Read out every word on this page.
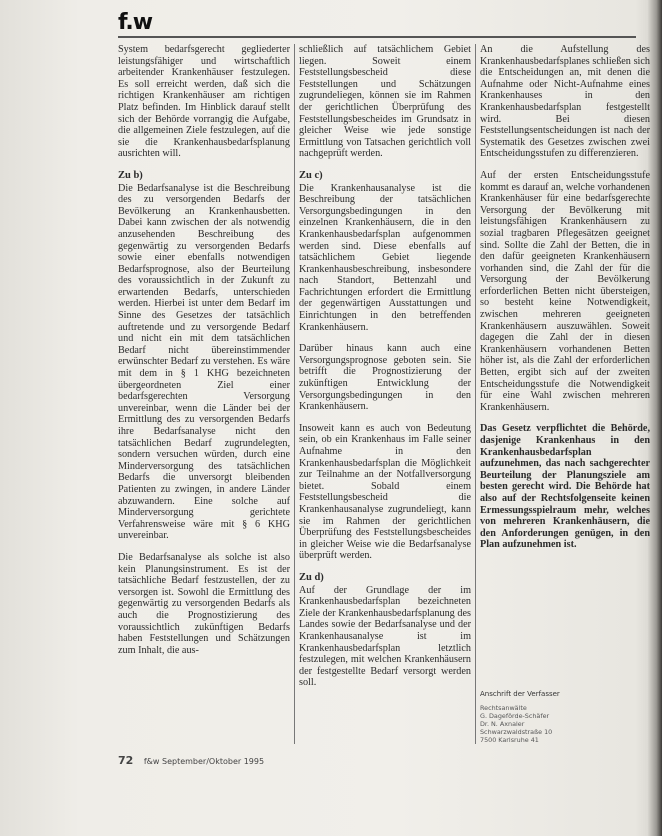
f.w

System bedarfsgerecht gegliederter leistungsfähiger und wirtschaftlich arbeitender Krankenhäuser festzulegen. Es soll erreicht werden, daß sich die richtigen Krankenhäuser am richtigen Platz befinden. Im Hinblick darauf stellt sich der Behörde vorrangig die Aufgabe, die allgemeinen Ziele festzulegen, auf die sie die Krankenhausbedarfsplanung ausrichten will.

Zu b)

Die Bedarfsanalyse ist die Beschreibung des zu versorgenden Bedarfs der Bevölkerung an Krankenhausbetten. Dabei kann zwischen der als notwendig anzusehenden Beschreibung des gegenwärtig zu versorgenden Bedarfs sowie einer ebenfalls notwendigen Bedarfsprognose, also der Beurteilung des voraussichtlich in der Zukunft zu erwartenden Bedarfs, unterschieden werden. Hierbei ist unter dem Bedarf im Sinne des Gesetzes der tatsächlich auftretende und zu versorgende Bedarf und nicht ein mit dem tatsächlichen Bedarf nicht übereinstimmender erwünschter Bedarf zu verstehen. Es wäre mit dem in § 1 KHG bezeichneten übergeordneten Ziel einer bedarfsgerechten Versorgung unvereinbar, wenn die Länder bei der Ermittlung des zu versorgenden Bedarfs ihre Bedarfsanalyse nicht den tatsächlichen Bedarf zugrundelegten, sondern versuchen würden, durch eine Minderversorgung des tatsächlichen Bedarfs die unversorgt bleibenden Patienten zu zwingen, in andere Länder abzuwandern. Eine solche auf Minderversorgung gerichtete Verfahrensweise wäre mit § 6 KHG unvereinbar.

Die Bedarfsanalyse als solche ist also kein Planungsinstrument. Es ist der tatsächliche Bedarf festzustellen, der zu versorgen ist. Sowohl die Ermittlung des gegenwärtig zu versorgenden Bedarfs als auch die Prognostizierung des voraussichtlich zukünftigen Bedarfs haben Feststellungen und Schätzungen zum Inhalt, die aus-

schließlich auf tatsächlichem Gebiet liegen. Soweit einem Feststellungsbescheid diese Feststellungen und Schätzungen zugrundeliegen, können sie im Rahmen der gerichtlichen Überprüfung des Feststellungsbescheides im Grundsatz in gleicher Weise wie jede sonstige Ermittlung von Tatsachen gerichtlich voll nachgeprüft werden.

Zu c)

Die Krankenhausanalyse ist die Beschreibung der tatsächlichen Versorgungsbedingungen in den einzelnen Krankenhäusern, die in den Krankenhausbedarfsplan aufgenommen werden sind. Diese ebenfalls auf tatsächlichem Gebiet liegende Krankenhausbeschreibung, insbesondere nach Standort, Bettenzahl und Fachrichtungen erfordert die Ermittlung der gegenwärtigen Ausstattungen und Einrichtungen in den betreffenden Krankenhäusern.

Darüber hinaus kann auch eine Versorgungsprognose geboten sein. Sie betrifft die Prognostizierung der zukünftigen Entwicklung der Versorgungsbedingungen in den Krankenhäusern.

Insoweit kann es auch von Bedeutung sein, ob ein Krankenhaus im Falle seiner Aufnahme in den Krankenhausbedarfsplan die Möglichkeit zur Teilnahme an der Notfallversorgung bietet. Sobald einem Feststellungsbescheid die Krankenhausanalyse zugrundeliegt, kann sie im Rahmen der gerichtlichen Überprüfung des Feststellungsbescheides in gleicher Weise wie die Bedarfsanalyse überprüft werden.

Zu d)

Auf der Grundlage der im Krankenhausbedarfsplan bezeichneten Ziele der Krankenhausbedarfsplanung des Landes sowie der Bedarfsanalyse und der Krankenhausanalyse ist im Krankenhausbedarfsplan letztlich festzulegen, mit welchen Krankenhäusern der festgestellte Bedarf versorgt werden soll.

An die Aufstellung des Krankenhausbedarfsplanes schließen sich die Entscheidungen an, mit denen die Aufnahme oder Nicht-Aufnahme eines Krankenhauses in den Krankenhausbedarfsplan festgestellt wird. Bei diesen Feststellungsentscheidungen ist nach der Systematik des Gesetzes zwischen zwei Entscheidungsstufen zu differenzieren.

Auf der ersten Entscheidungsstufe kommt es darauf an, welche vorhandenen Krankenhäuser für eine bedarfsgerechte Versorgung der Bevölkerung mit leistungsfähigen Krankenhäusern zu sozial tragbaren Pflegesätzen geeignet sind. Sollte die Zahl der Betten, die in den dafür geeigneten Krankenhäusern vorhanden sind, die Zahl der für die Versorgung der Bevölkerung erforderlichen Betten nicht übersteigen, so besteht keine Notwendigkeit, zwischen mehreren geeigneten Krankenhäusern auszuwählen. Soweit dagegen die Zahl der in diesen Krankenhäusern vorhandenen Betten höher ist, als die Zahl der erforderlichen Betten, ergibt sich auf der zweiten Entscheidungsstufe die Notwendigkeit für eine Wahl zwischen mehreren Krankenhäusern.

Das Gesetz verpflichtet die Behörde, dasjenige Krankenhaus in den Krankenhausbedarfsplan aufzunehmen, das nach sachgerechter Beurteilung der Planungsziele am besten gerecht wird. Die Behörde hat also auf der Rechtsfolgenseite keinen Ermessungsspielraum mehr, welches von mehreren Krankenhäusern, die den Anforderungen genügen, in den Plan aufzunehmen ist.

Anschrift der Verfasser
Rechtsanwälte
G. Dageförde-Schäfer
Dr. N. Axnaler
Schwarzwaldstraße 10
7500 Karlsruhe 41
72 f&w September/Oktober 1995
